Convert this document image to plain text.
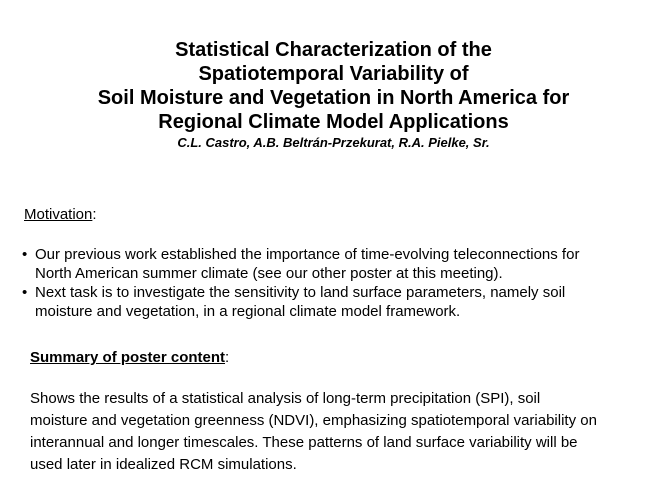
Statistical Characterization of the
Spatiotemporal Variability of
Soil Moisture and Vegetation in North America for
Regional Climate Model Applications
C.L. Castro, A.B. Beltrán-Przekurat, R.A. Pielke, Sr.
Motivation:
• Our previous work established the importance of time-evolving teleconnections for
North American summer climate (see our other poster at this meeting).
• Next task is to investigate the sensitivity to land surface parameters, namely soil
moisture and vegetation, in a regional climate model framework.
Summary of poster content:
Shows the results of a statistical analysis of long-term precipitation (SPI), soil
moisture and vegetation greenness (NDVI), emphasizing spatiotemporal variability on
interannual and longer timescales. These patterns of land surface variability will be
used later in idealized RCM simulations.
